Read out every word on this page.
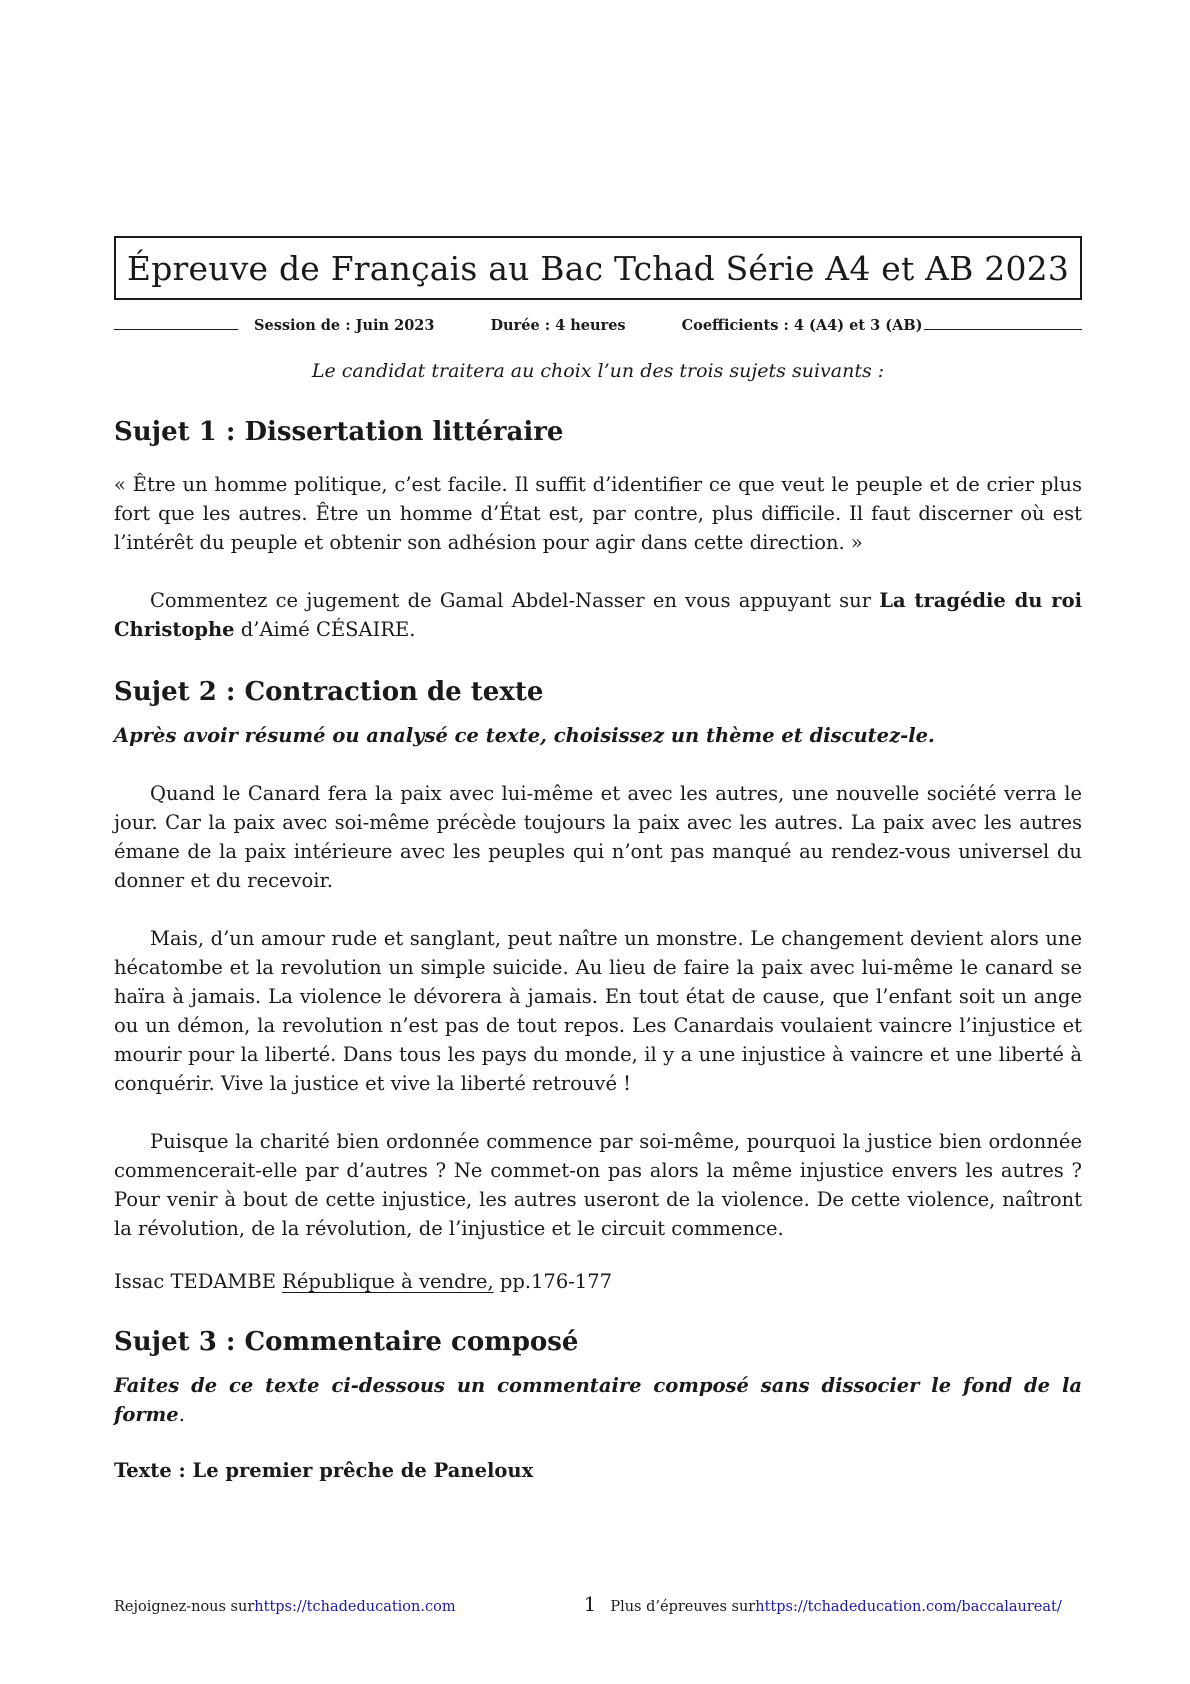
Épreuve de Français au Bac Tchad Série A4 et AB 2023
Session de : Juin 2023	Durée : 4 heures	Coefficients : 4 (A4) et 3 (AB)
Le candidat traitera au choix l’un des trois sujets suivants :
Sujet 1 : Dissertation littéraire

« Être un homme politique, c’est facile. Il suffit d’identifier ce que veut le peuple et de crier plus fort que les autres. Être un homme d’État est, par contre, plus difficile. Il faut discerner où est l’intérêt du peuple et obtenir son adhésion pour agir dans cette direction. »

Commentez ce jugement de Gamal Abdel-Nasser en vous appuyant sur La tragédie du roi Christophe d’Aimé CÉSAIRE.

Sujet 2 : Contraction de texte

Après avoir résumé ou analysé ce texte, choisissez un thème et discutez-le.

Quand le Canard fera la paix avec lui-même et avec les autres, une nouvelle société verra le jour. Car la paix avec soi-même précède toujours la paix avec les autres. La paix avec les autres émane de la paix intérieure avec les peuples qui n’ont pas manqué au rendez-vous universel du donner et du recevoir.

Mais, d’un amour rude et sanglant, peut naître un monstre. Le changement devient alors une hécatombe et la revolution un simple suicide. Au lieu de faire la paix avec lui-même le canard se haïra à jamais. La violence le dévorera à jamais. En tout état de cause, que l’enfant soit un ange ou un démon, la revolution n’est pas de tout repos. Les Canardais voulaient vaincre l’injustice et mourir pour la liberté. Dans tous les pays du monde, il y a une injustice à vaincre et une liberté à conquérir. Vive la justice et vive la liberté retrouvé !

Puisque la charité bien ordonnée commence par soi-même, pourquoi la justice bien ordonnée commencerait-elle par d’autres ? Ne commet-on pas alors la même injustice envers les autres ? Pour venir à bout de cette injustice, les autres useront de la violence. De cette violence, naîtront la révolution, de la révolution, de l’injustice et le circuit commence.

Issac TEDAMBE République à vendre, pp.176-177

Sujet 3 : Commentaire composé

Faites de ce texte ci-dessous un commentaire composé sans dissocier le fond de la forme.

Texte : Le premier prêche de Paneloux

Rejoignez-nous sur https://tchadeducation.com	1 Plus d’épreuves sur https://tchadeducation.com/baccalaureat/
